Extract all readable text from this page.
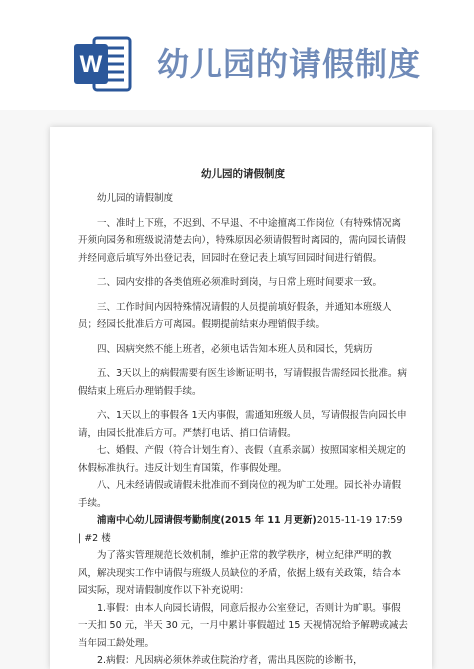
W 幼儿园的请假制度

幼儿园的请假制度

幼儿园的请假制度

一、准时上下班，不迟到、不早退、不中途擅离工作岗位（有特殊情况离开须向园务和班级说清楚去向），特殊原因必须请假暂时离园的，需向园长请假并经同意后填写外出登记表，回园时在登记表上填写回园时间进行销假。

二、园内安排的各类值班必须准时到岗，与日常上班时间要求一致。

三、工作时间内因特殊情况请假的人员提前填好假条，并通知本班级人员；经园长批准后方可离园。假期提前结束办理销假手续。

四、因病突然不能上班者，必须电话告知本班人员和园长，凭病历

五、3天以上的病假需要有医生诊断证明书，写请假报告需经园长批准。病假结束上班后办理销假手续。

六、1天以上的事假各 1天内事假，需通知班级人员，写请假报告向园长申请，由园长批准后方可。严禁打电话、捎口信请假。

七、婚假、产假（符合计划生育）、丧假（直系亲属）按照国家相关规定的休假标准执行。违反计划生育国策，作事假处理。

八、凡未经请假或请假未批准而不到岗位的视为旷工处理。园长补办请假手续。

浦南中心幼儿园请假考勤制度(2015 年 11 月更新)2015-11-19 17:59 | #2 楼

为了落实管理规范长效机制，维护正常的教学秩序，树立纪律严明的教风，解决现实工作中请假与班级人员缺位的矛盾，依据上级有关政策，结合本园实际，现对请假制度作以下补充说明：

1.事假：由本人向园长请假，同意后报办公室登记，否则计为旷职。事假一天扣 50 元，半天 30 元，一月中累计事假超过 15 天视情况给予解聘或减去当年园工龄处理。

2.病假：凡因病必须休养或住院治疗者，需出具医院的诊断书，
